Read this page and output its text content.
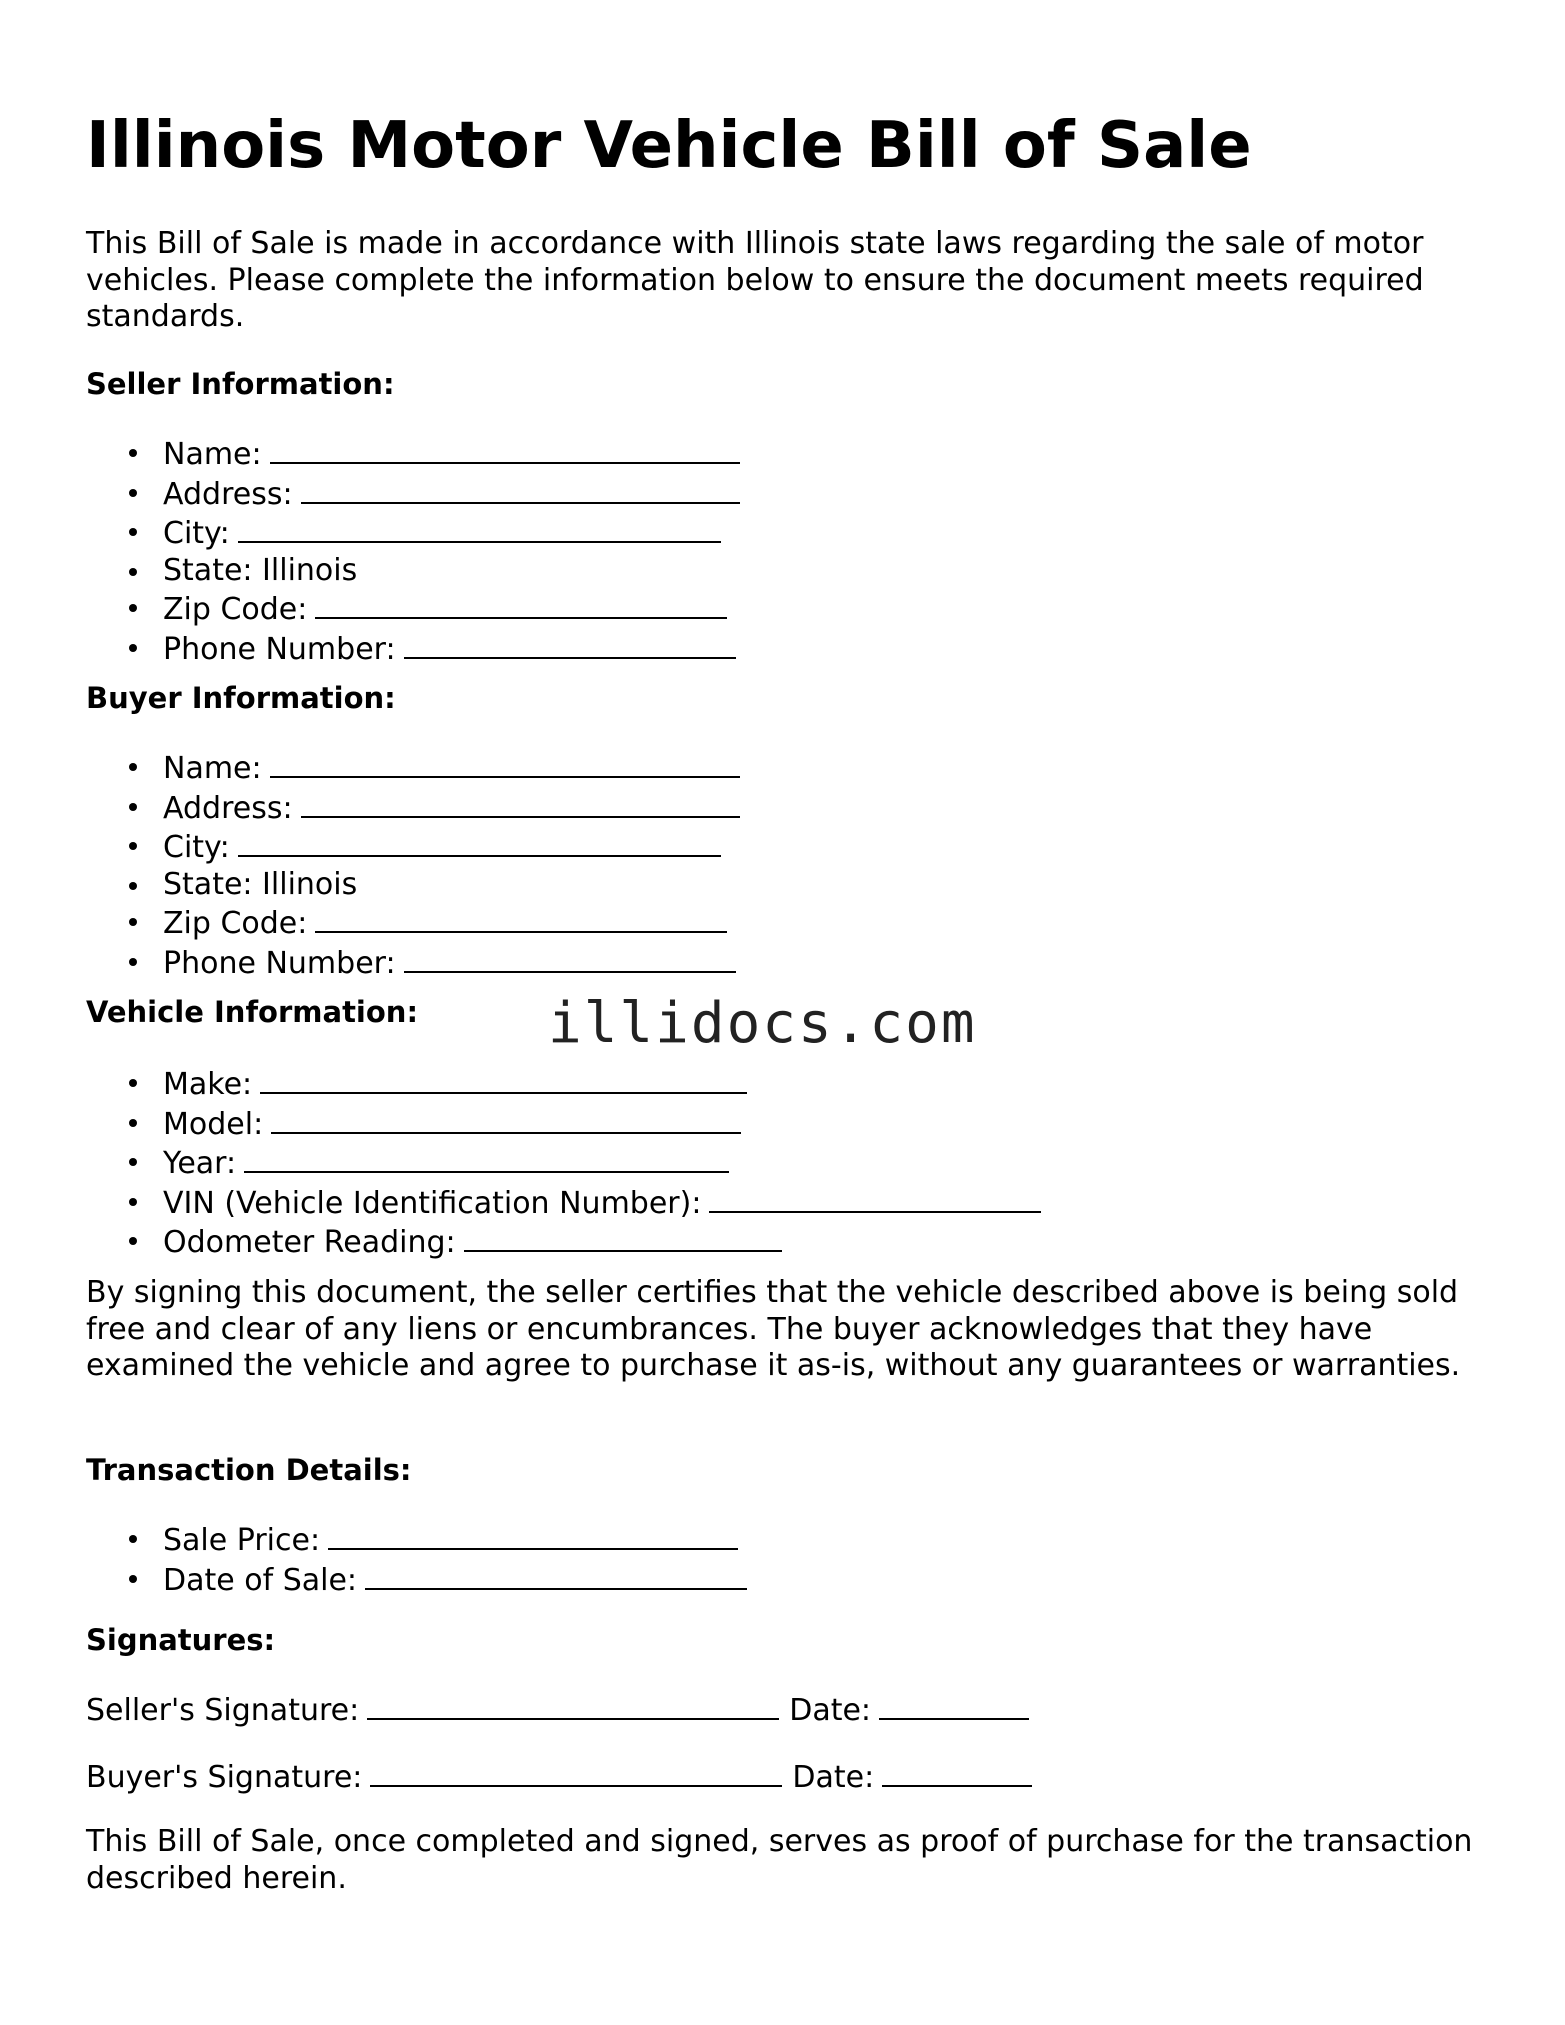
Illinois Motor Vehicle Bill of Sale

This Bill of Sale is made in accordance with Illinois state laws regarding the sale of motor vehicles. Please complete the information below to ensure the document meets required standards.

Seller Information:
Name:
Address:
City:
State: Illinois
Zip Code:
Phone Number:
Buyer Information:
Name:
Address:
City:
State: Illinois
Zip Code:
Phone Number:
Vehicle Information:
Make:
Model:
Year:
VIN (Vehicle Identification Number):
Odometer Reading:

By signing this document, the seller certifies that the vehicle described above is being sold free and clear of any liens or encumbrances. The buyer acknowledges that they have examined the vehicle and agree to purchase it as-is, without any guarantees or warranties.

Transaction Details:
Sale Price:
Date of Sale:
Signatures:
Seller's Signature:	Date:
Buyer's Signature:	Date:

This Bill of Sale, once completed and signed, serves as proof of purchase for the transaction described herein.

illidocs.com
